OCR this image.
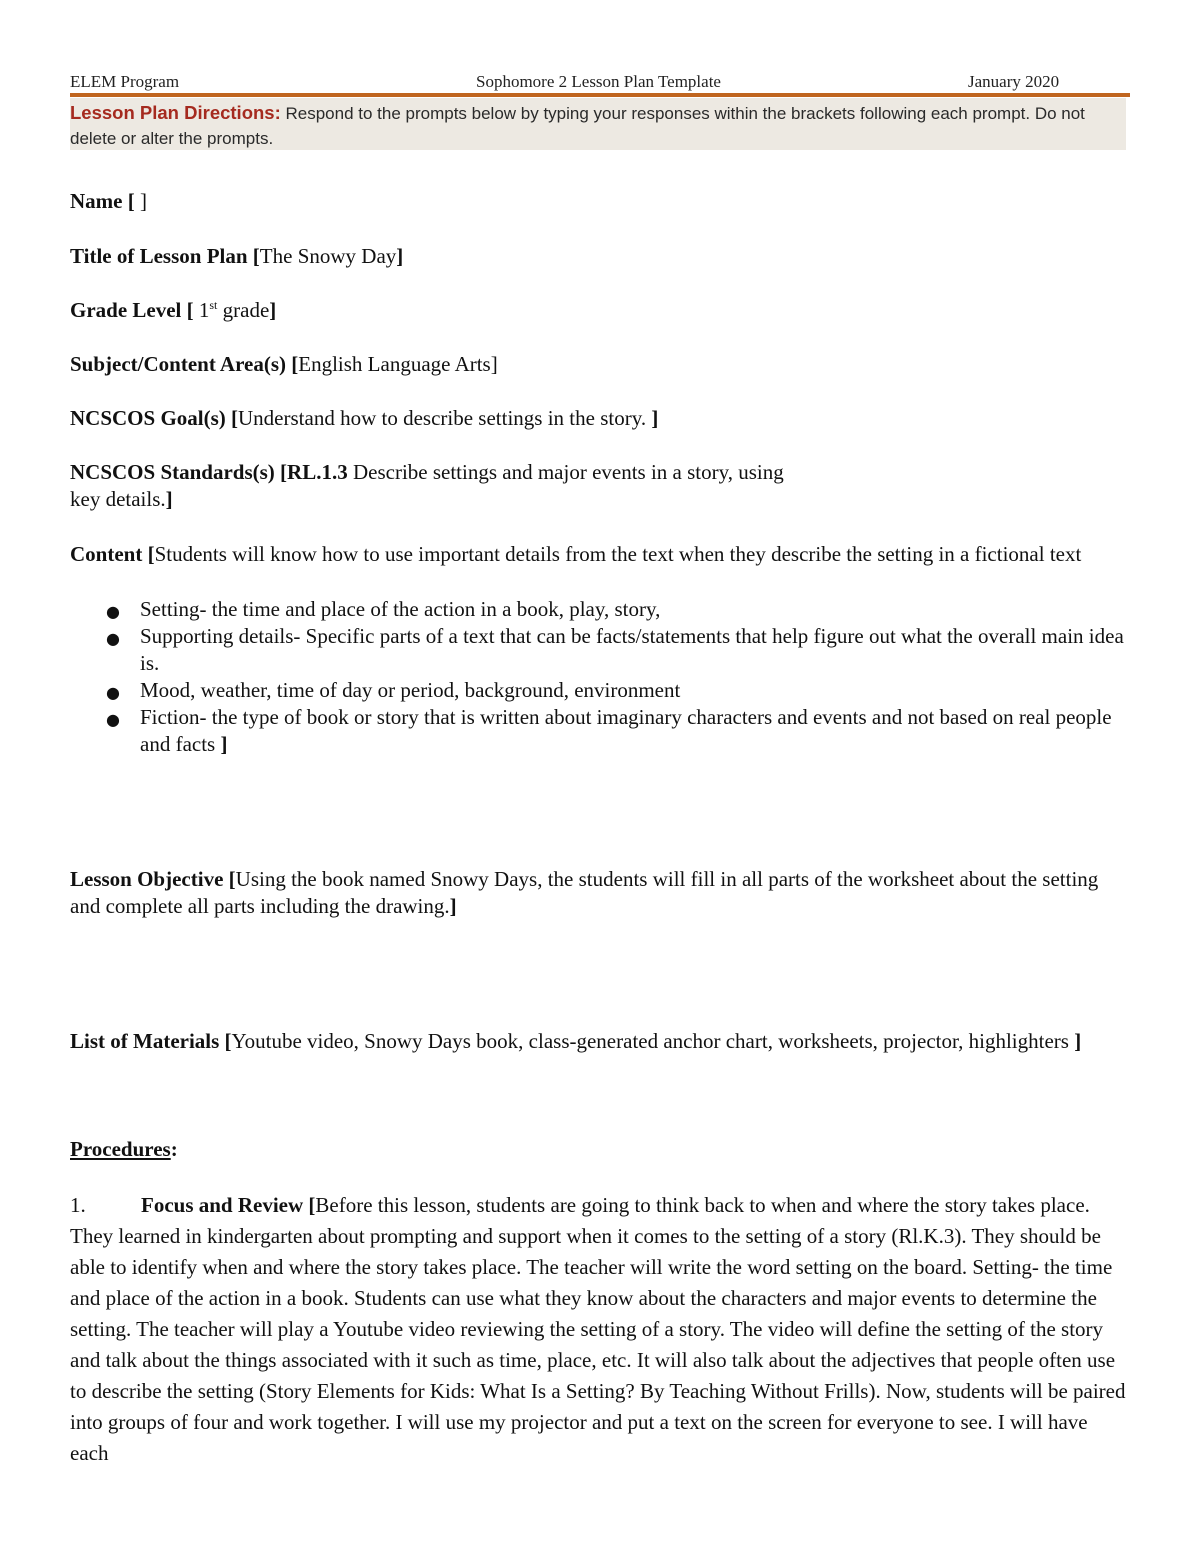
ELEM Program	Sophomore 2 Lesson Plan Template	January 2020
Lesson Plan Directions: Respond to the prompts below by typing your responses within the brackets following each prompt. Do not delete or alter the prompts.
Name [ ]
Title of Lesson Plan [The Snowy Day]
Grade Level [ 1st grade]
Subject/Content Area(s) [English Language Arts]
NCSCOS Goal(s) [Understand how to describe settings in the story. ]
NCSCOS Standards(s) [RL.1.3 Describe settings and major events in a story, using
key details.]
Content [Students will know how to use important details from the text when they describe the setting in a fictional text
● Setting- the time and place of the action in a book, play, story,
● Supporting details- Specific parts of a text that can be facts/statements that help figure out what the overall main idea is.
● Mood, weather, time of day or period, background, environment
● Fiction- the type of book or story that is written about imaginary characters and events and not based on real people and facts ]
Lesson Objective [Using the book named Snowy Days, the students will fill in all parts of the worksheet about the setting and complete all parts including the drawing.]
List of Materials [Youtube video, Snowy Days book, class-generated anchor chart, worksheets, projector, highlighters ]
Procedures:
1.	Focus and Review [Before this lesson, students are going to think back to when and where the story takes place. They learned in kindergarten about prompting and support when it comes to the setting of a story (Rl.K.3). They should be able to identify when and where the story takes place. The teacher will write the word setting on the board. Setting- the time and place of the action in a book. Students can use what they know about the characters and major events to determine the setting. The teacher will play a Youtube video reviewing the setting of a story. The video will define the setting of the story and talk about the things associated with it such as time, place, etc. It will also talk about the adjectives that people often use to describe the setting (Story Elements for Kids: What Is a Setting? By Teaching Without Frills). Now, students will be paired into groups of four and work together. I will use my projector and put a text on the screen for everyone to see. I will have each
